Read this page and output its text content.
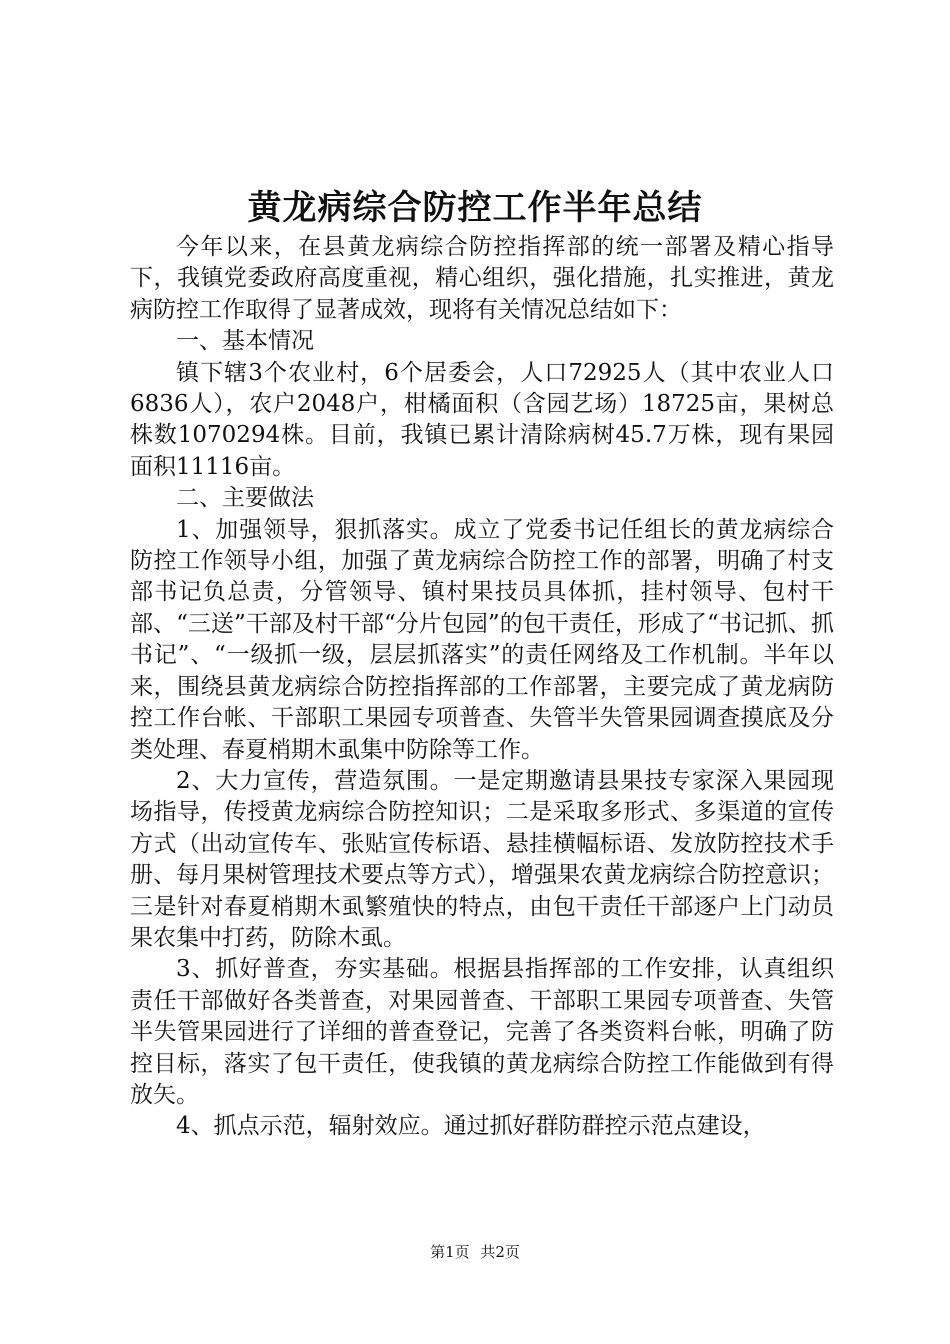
黄龙病综合防控工作半年总结

今年以来，在县黄龙病综合防控指挥部的统一部署及精心指导下，我镇党委政府高度重视，精心组织，强化措施，扎实推进，黄龙病防控工作取得了显著成效，现将有关情况总结如下：

一、基本情况

镇下辖3个农业村，6个居委会，人口72925人（其中农业人口6836人），农户2048户，柑橘面积（含园艺场）18725亩，果树总株数1070294株。目前，我镇已累计清除病树45.7万株，现有果园面积11116亩。

二、主要做法

1、加强领导，狠抓落实。成立了党委书记任组长的黄龙病综合防控工作领导小组，加强了黄龙病综合防控工作的部署，明确了村支部书记负总责，分管领导、镇村果技员具体抓，挂村领导、包村干部、“三送”干部及村干部“分片包园”的包干责任，形成了“书记抓、抓书记”、“一级抓一级，层层抓落实”的责任网络及工作机制。半年以来，围绕县黄龙病综合防控指挥部的工作部署，主要完成了黄龙病防控工作台帐、干部职工果园专项普查、失管半失管果园调查摸底及分类处理、春夏梢期木虱集中防除等工作。

2、大力宣传，营造氛围。一是定期邀请县果技专家深入果园现场指导，传授黄龙病综合防控知识；二是采取多形式、多渠道的宣传方式（出动宣传车、张贴宣传标语、悬挂横幅标语、发放防控技术手册、每月果树管理技术要点等方式），增强果农黄龙病综合防控意识；三是针对春夏梢期木虱繁殖快的特点，由包干责任干部逐户上门动员果农集中打药，防除木虱。

3、抓好普查，夯实基础。根据县指挥部的工作安排，认真组织责任干部做好各类普查，对果园普查、干部职工果园专项普查、失管半失管果园进行了详细的普查登记，完善了各类资料台帐，明确了防控目标，落实了包干责任，使我镇的黄龙病综合防控工作能做到有得放矢。

4、抓点示范，辐射效应。通过抓好群防群控示范点建设，

第1页 共2页
